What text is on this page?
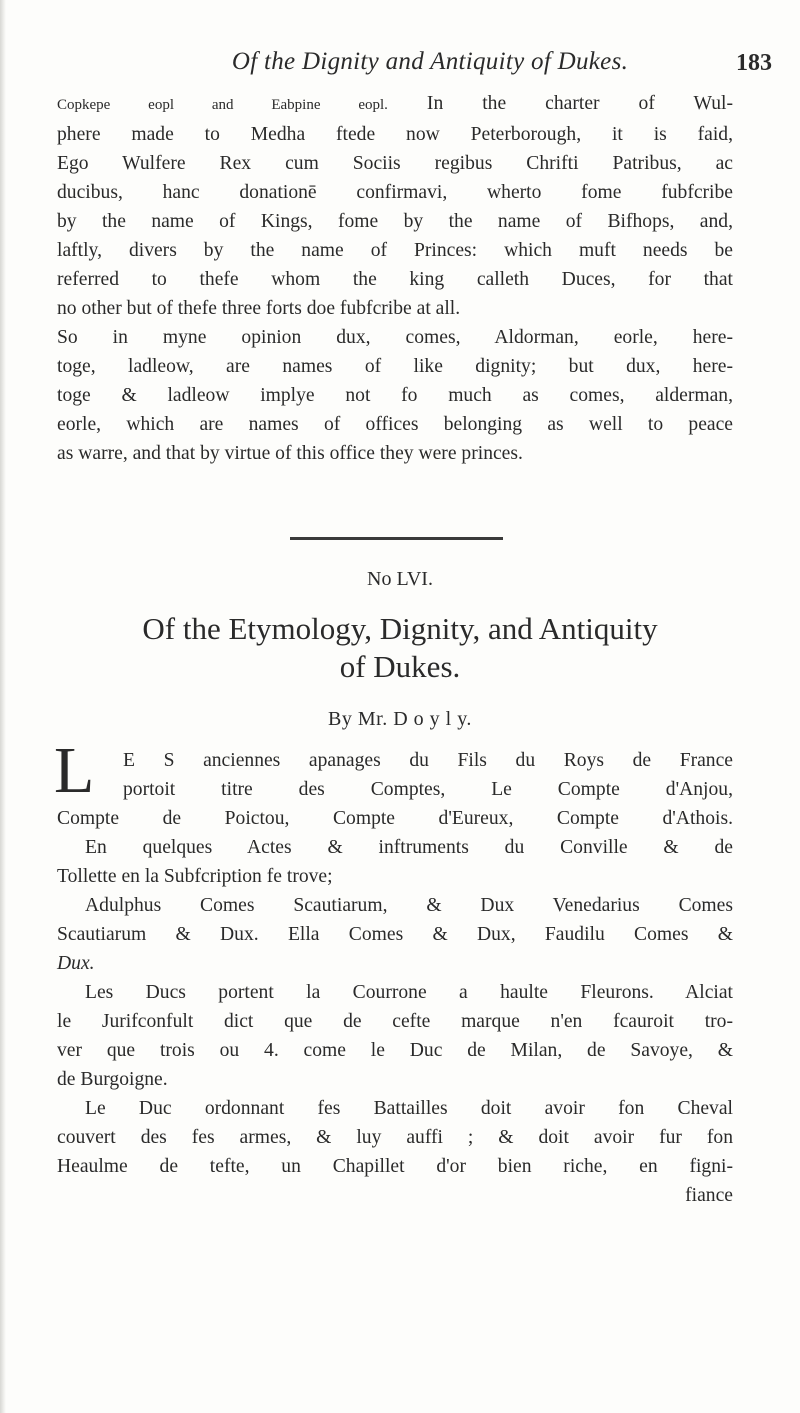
Of the Dignity and Antiquity of Dukes.	183
Copkepe eopl and Eabpine eopl. In the charter of Wul-
phere made to Medha ftede now Peterborough, it is faid,
Ego Wulfere Rex cum Sociis regibus Chrifti Patribus, ac
ducibus, hanc donationē confirmavi, wherto fome fubfcribe
by the name of Kings, fome by the name of Bifhops, and,
laftly, divers by the name of Princes: which muft needs be
referred to thefe whom the king calleth Duces, for that
no other but of thefe three forts doe fubfcribe at all.
So in myne opinion dux, comes, Aldorman, eorle, here-
toge, ladleow, are names of like dignity; but dux, here-
toge & ladleow implye not fo much as comes, alderman,
eorle, which are names of offices belonging as well to peace
as warre, and that by virtue of this office they were princes.
No LVI.
Of the Etymology, Dignity, and Antiquity
of Dukes.
By Mr. D o y l y.
L E S anciennes apanages du Fils du Roys de France
portoit titre des Comptes, Le Compte d'Anjou,
Compte de Poictou, Compte d'Eureux, Compte d'Athois.
En quelques Actes & inftruments du Conville & de
Tollette en la Subfcription fe trove;
Adulphus Comes Scautiarum, & Dux Venedarius Comes
Scautiarum & Dux. Ella Comes & Dux, Faudilu Comes &
Dux.
Les Ducs portent la Courrone a haulte Fleurons. Alciat
le Jurifconfult dict que de cefte marque n'en fcauroit tro-
ver que trois ou 4. come le Duc de Milan, de Savoye, &
de Burgoigne.
Le Duc ordonnant fes Battailles doit avoir fon Cheval
couvert des fes armes, & luy auffi ; & doit avoir fur fon
Heaulme de tefte, un Chapillet d'or bien riche, en figni-
fiance
